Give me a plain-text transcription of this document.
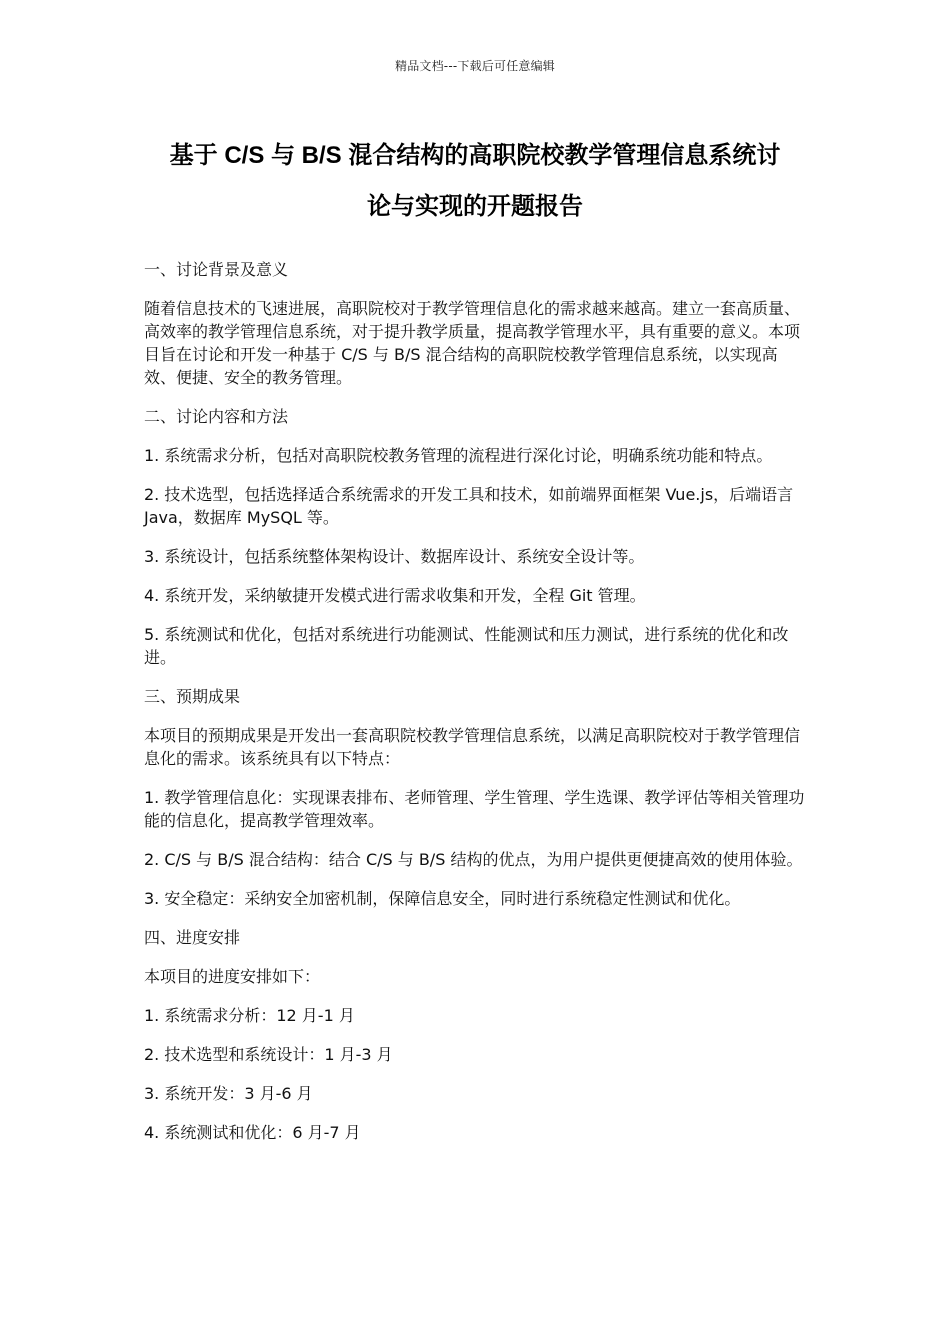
精品文档---下载后可任意编辑
基于 C/S 与 B/S 混合结构的高职院校教学管理信息系统讨
论与实现的开题报告

一、讨论背景及意义

随着信息技术的飞速进展，高职院校对于教学管理信息化的需求越来越高。建立一套高质量、高效率的教学管理信息系统，对于提升教学质量，提高教学管理水平，具有重要的意义。本项目旨在讨论和开发一种基于 C/S 与 B/S 混合结构的高职院校教学管理信息系统，以实现高效、便捷、安全的教务管理。

二、讨论内容和方法

1. 系统需求分析，包括对高职院校教务管理的流程进行深化讨论，明确系统功能和特点。

2. 技术选型，包括选择适合系统需求的开发工具和技术，如前端界面框架 Vue.js，后端语言 Java，数据库 MySQL 等。

3. 系统设计，包括系统整体架构设计、数据库设计、系统安全设计等。

4. 系统开发，采纳敏捷开发模式进行需求收集和开发，全程 Git 管理。

5. 系统测试和优化，包括对系统进行功能测试、性能测试和压力测试，进行系统的优化和改进。

三、预期成果

本项目的预期成果是开发出一套高职院校教学管理信息系统，以满足高职院校对于教学管理信息化的需求。该系统具有以下特点：

1. 教学管理信息化：实现课表排布、老师管理、学生管理、学生选课、教学评估等相关管理功能的信息化，提高教学管理效率。

2. C/S 与 B/S 混合结构：结合 C/S 与 B/S 结构的优点，为用户提供更便捷高效的使用体验。

3. 安全稳定：采纳安全加密机制，保障信息安全，同时进行系统稳定性测试和优化。

四、进度安排

本项目的进度安排如下：

1. 系统需求分析：12 月-1 月

2. 技术选型和系统设计：1 月-3 月

3. 系统开发：3 月-6 月

4. 系统测试和优化：6 月-7 月
